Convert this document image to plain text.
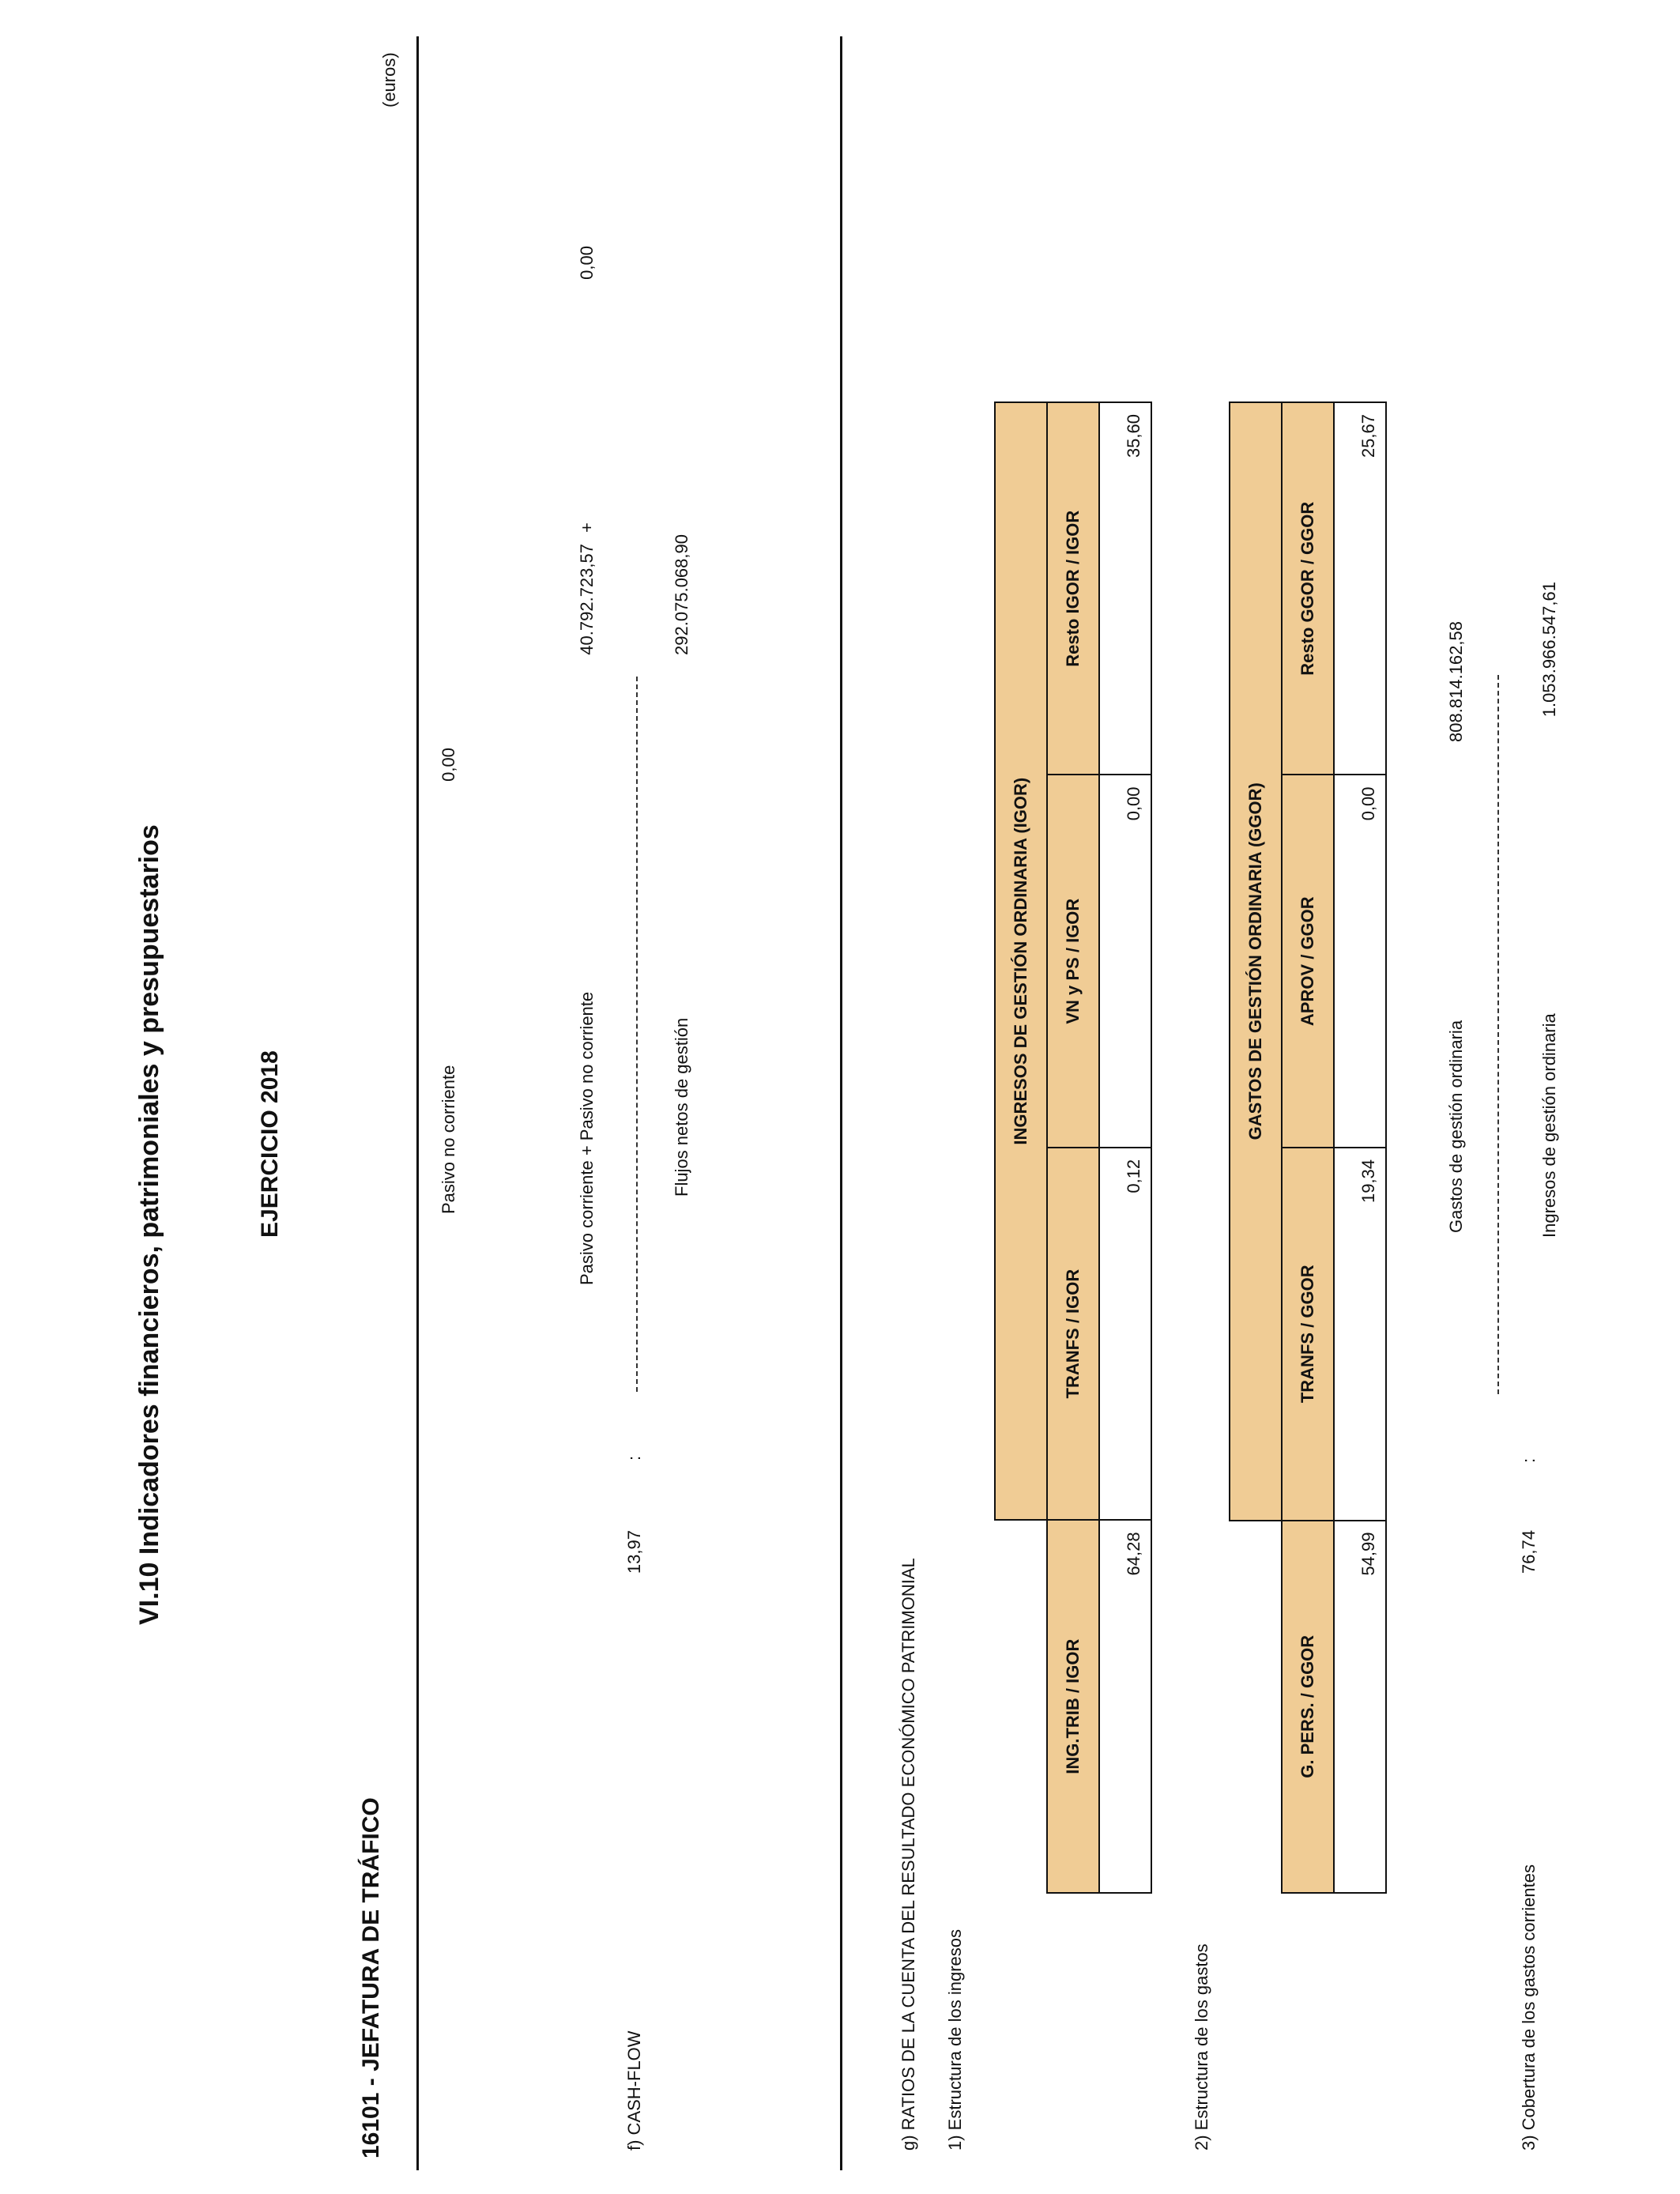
VI.10 Indicadores financieros, patrimoniales y presupuestarios	EJERCICIO 2018
16101 - JEFATURA DE TRÁFICO
(euros)
f) CASH-FLOW
13,97
:
Pasivo no corriente
0,00
Pasivo corriente + Pasivo no corriente
40.792.723,57
+
0,00
Flujos netos de gestión
292.075.068,90
g) RATIOS DE LA CUENTA DEL RESULTADO ECONÓMICO PATRIMONIAL 1) Estructura de los ingresos
	INGRESOS DE GESTIÓN ORDINARIA (IGOR)		
ING.TRIB / IGOR	TRANFS / IGOR	VN y PS / IGOR	Resto IGOR / IGOR
64,28	0,12	0,00	35,60
2) Estructura de los gastos
	GASTOS DE GESTIÓN ORDINARIA (GGOR)		
G. PERS. / GGOR	TRANFS / GGOR	APROV / GGOR	Resto GGOR / GGOR
54,99	19,34	0,00	25,67
3) Cobertura de los gastos corrientes
76,74
:
Gastos de gestión ordinaria
808.814.162,58
Ingresos de gestión ordinaria
1.053.966.547,61
